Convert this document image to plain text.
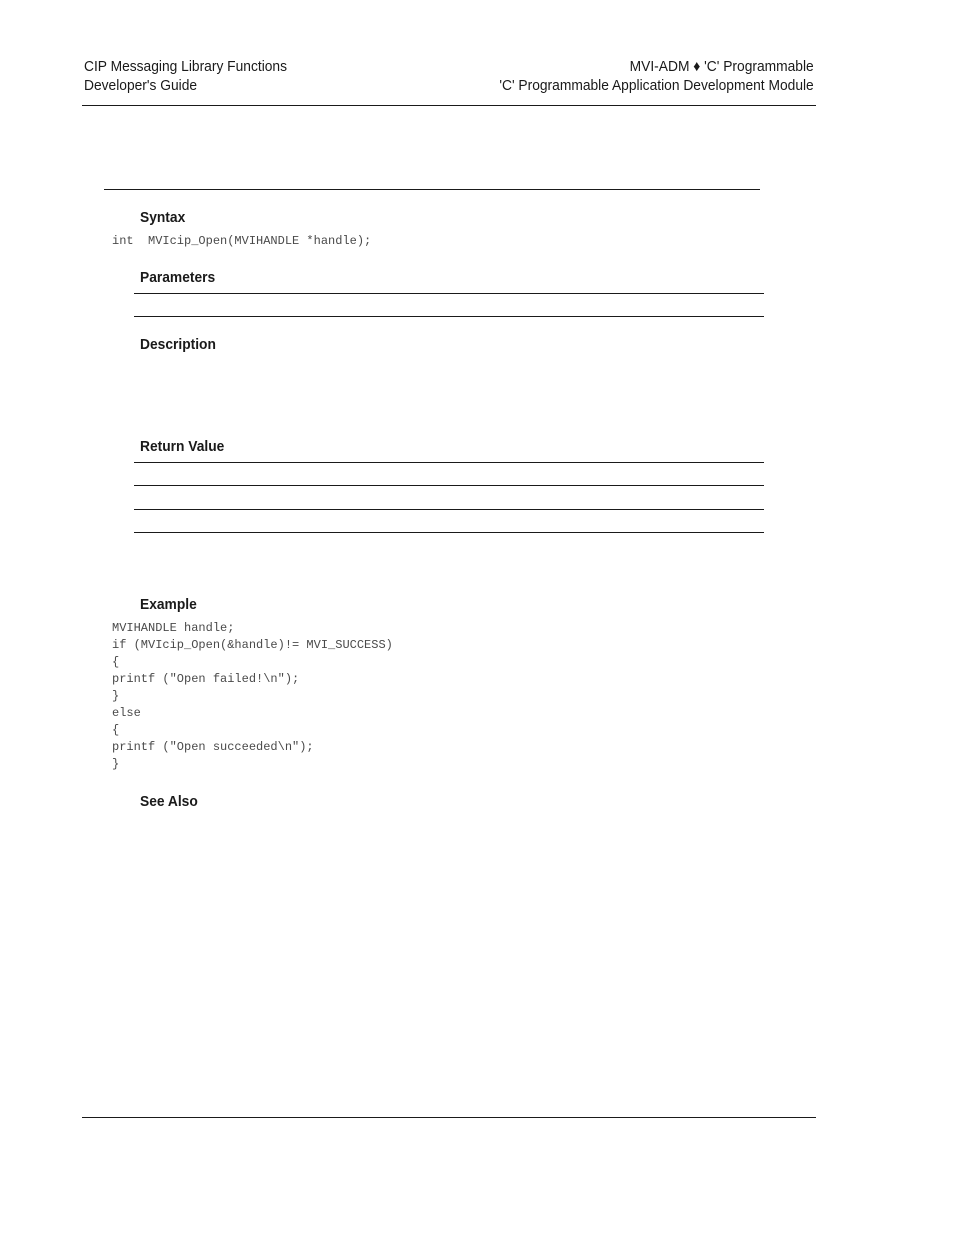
CIP Messaging Library Functions
Developer's Guide
MVI-ADM ♦ 'C' Programmable
'C' Programmable Application Development Module
Syntax
int  MVIcip_Open(MVIHANDLE *handle);
Parameters
Description
Return Value
Example
MVIHANDLE handle;
if (MVIcip_Open(&handle)!= MVI_SUCCESS)
{
printf ("Open failed!\n");
}
else
{
printf ("Open succeeded\n");
}
See Also
